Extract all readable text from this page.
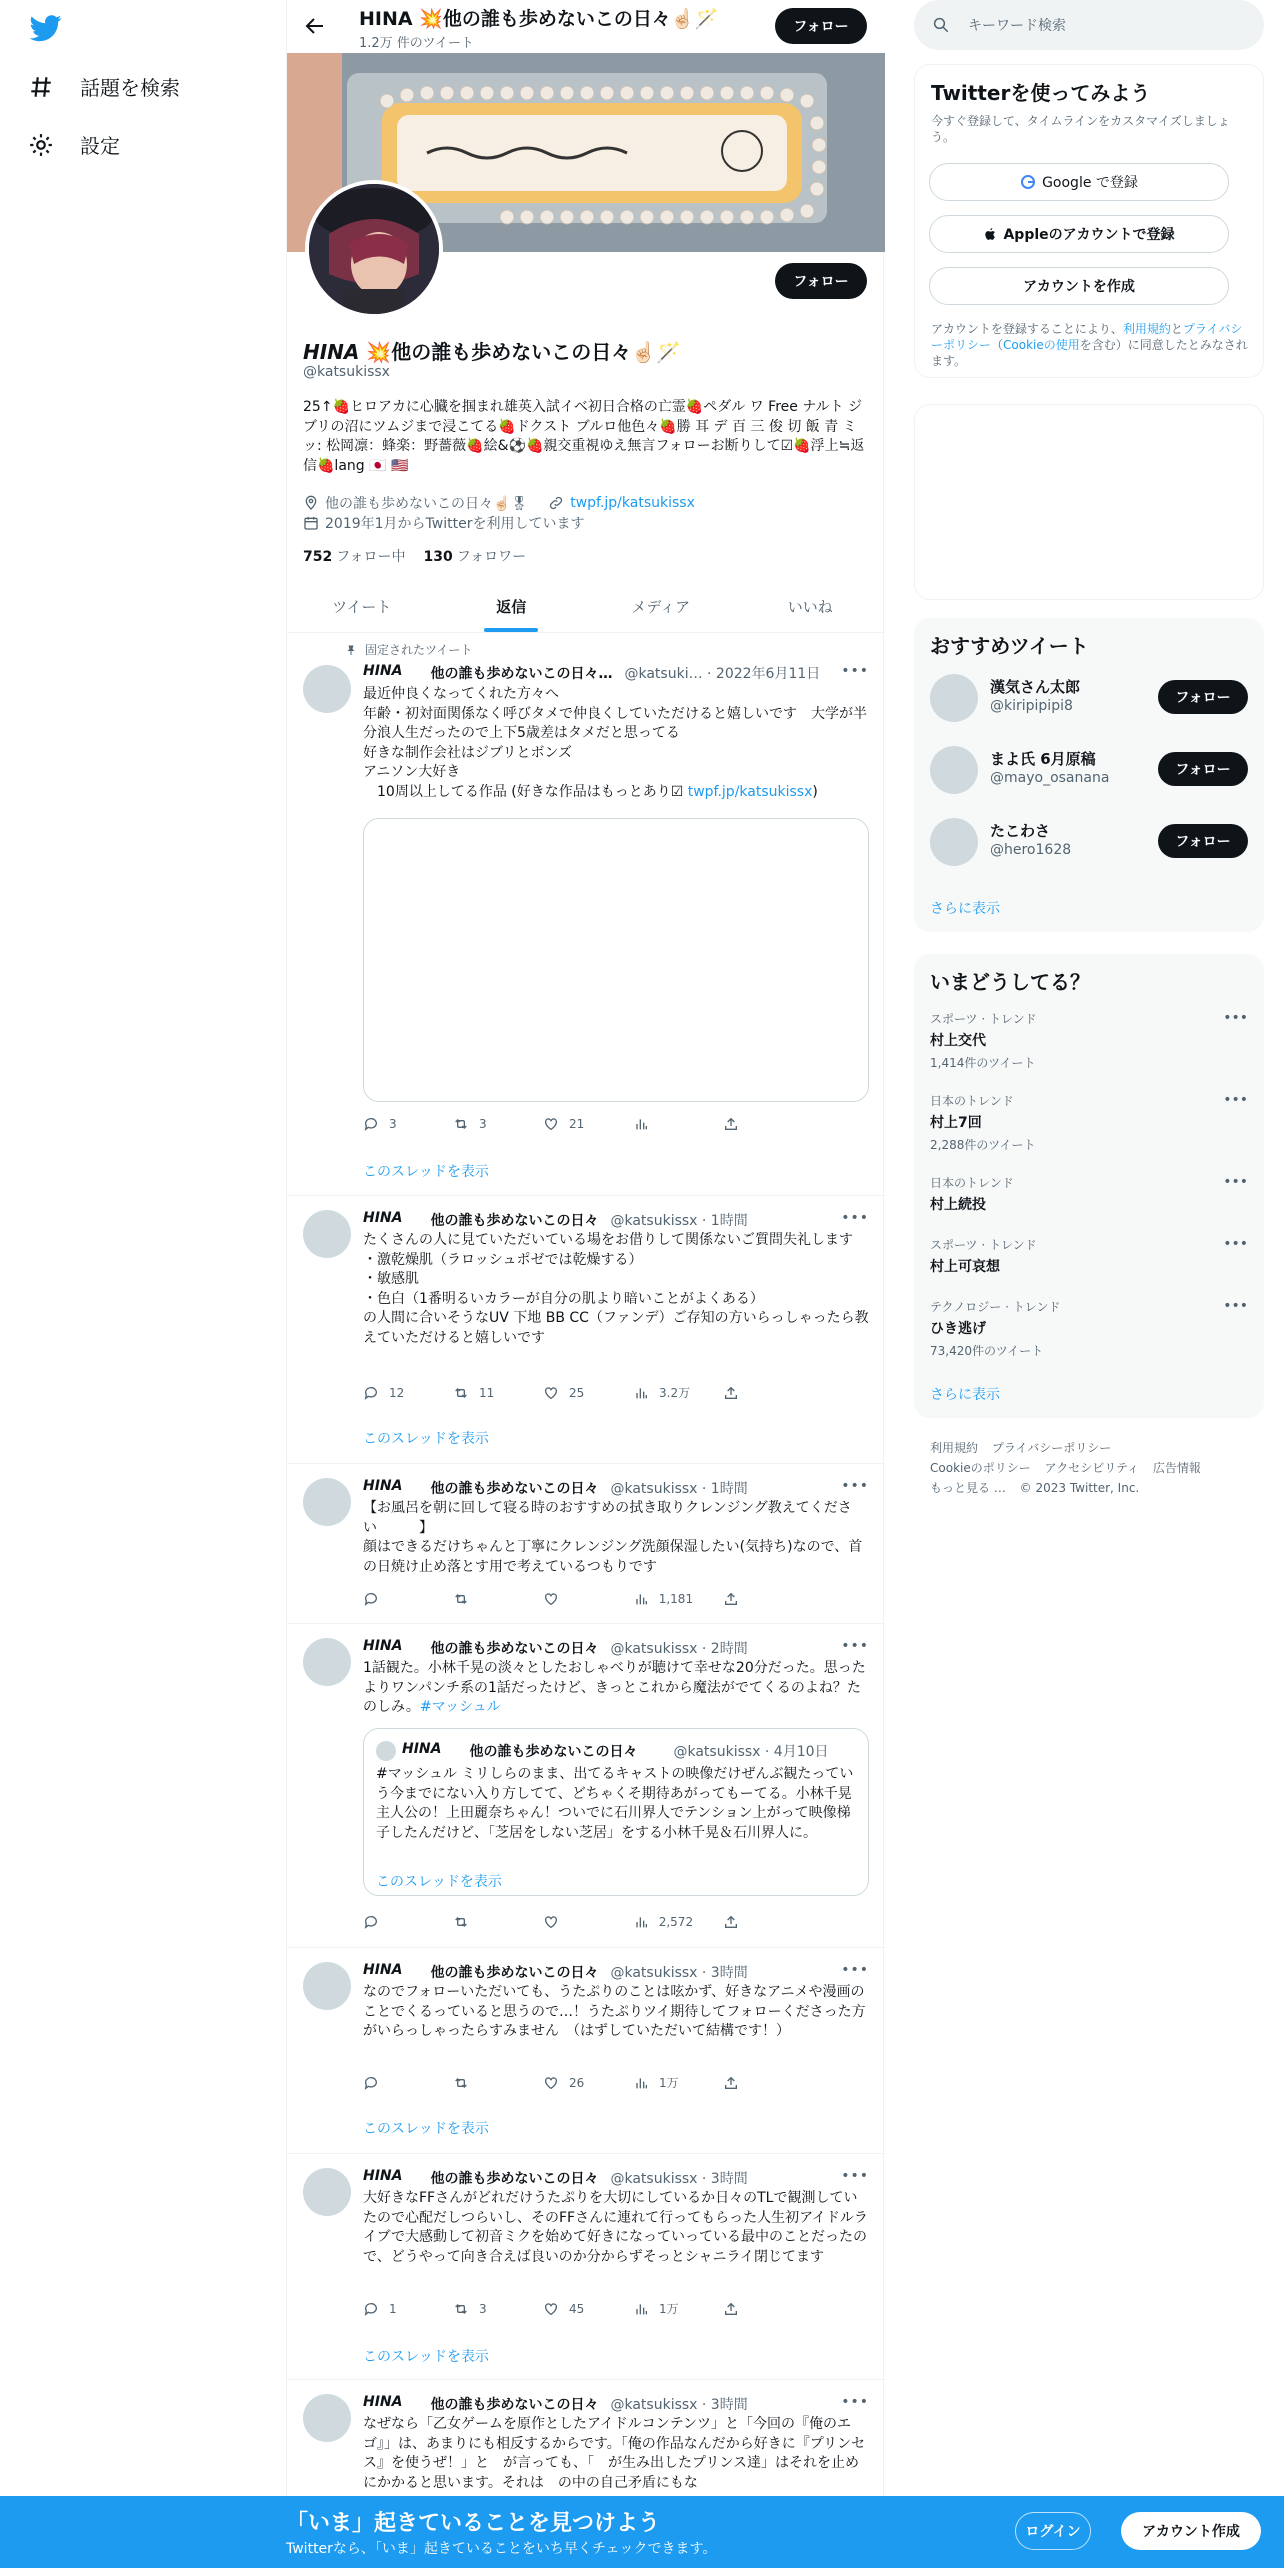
話題を検索
設定
HINA 💥他の誰も歩めないこの日々☝🏻🪄
1.2万 件のツイート
フォロー
フォロー
HINA 💥他の誰も歩めないこの日々☝🏻🪄
@katsukissx
25↑🍓ヒロアカに心臓を掴まれ雄英入試イベ初日合格の亡霊🍓ペダル ワ Free ナルト ジブリの沼にツムジまで浸こてる🍓ドクスト ブルロ他色々🍓勝 耳 デ 百 三 俊 切 飯 青 ミッ: 松岡凛：蜂楽：野薔薇🍓絵&⚽🍓親交重視ゆえ無言フォローお断りして☑🍓浮上≒返信🍓lang 🇯🇵 🇺🇸
他の誰も歩めないこの日々☝🏻🎖	twpf.jp/katsukissx
2019年1月からTwitterを利用しています
752 フォロー中 130 フォロワー
ツイート	返信	メディア	いいね
固定されたツイート
HINA 他の誰も歩めないこの日々… @katsuki… · 2022年6月11日 •••
最近仲良くなってくれた方々へ
年齢・初対面関係なく呼びタメで仲良くしていただけると嬉しいです　大学が半分浪人生だったので上下5歳差はタメだと思ってる
好きな制作会社はジブリとボンズ
アニソン大好き
　10周以上してる作品 (好きな作品はもっとあり☑ twpf.jp/katsukissx)
3	3	21
このスレッドを表示
HINA 他の誰も歩めないこの日々 @katsukissx · 1時間	•••
たくさんの人に見ていただいている場をお借りして関係ないご質問失礼します
・激乾燥肌（ラロッシュポゼでは乾燥する）
・敏感肌
・色白（1番明るいカラーが自分の肌より暗いことがよくある）
の人間に合いそうなUV 下地 BB CC（ファンデ）ご存知の方いらっしゃったら教えていただけると嬉しいです
12	11	25	3.2万
このスレッドを表示
HINA 他の誰も歩めないこの日々 @katsukissx · 1時間	•••
【お風呂を朝に回して寝る時のおすすめの拭き取りクレンジング教えてください　　　】
顔はできるだけちゃんと丁寧にクレンジング洗顔保湿したい(気持ち)なので、首の日焼け止め落とす用で考えているつもりです
1,181
HINA 他の誰も歩めないこの日々 @katsukissx · 2時間	•••
1話観た。小林千晃の淡々としたおしゃべりが聴けて幸せな20分だった。思ったよりワンパンチ系の1話だったけど、きっとこれから魔法がでてくるのよね？たのしみ。#マッシュル
HINA 他の誰も歩めないこの日々	@katsukissx · 4月10日
#マッシュル ミリしらのまま、出てるキャストの映像だけぜんぶ観たっていう今までにない入り方してて、どちゃくそ期待あがってもーてる。小林千晃主人公の！上田麗奈ちゃん！ついでに石川界人でテンション上がって映像梯子したんだけど、「芝居をしない芝居」をする小林千晃＆石川界人に。
このスレッドを表示
2,572
HINA 他の誰も歩めないこの日々 @katsukissx · 3時間	•••
なのでフォローいただいても、うたぷりのことは呟かず、好きなアニメや漫画のことでくるっていると思うので…！うたぷりツイ期待してフォローくださった方がいらっしゃったらすみません　（はずしていただいて結構です！）
26	1万
このスレッドを表示
HINA 他の誰も歩めないこの日々 @katsukissx · 3時間	•••
大好きなFFさんがどれだけうたぷりを大切にしているか日々のTLで観測していたので心配だしつらいし、そのFFさんに連れて行ってもらった人生初アイドルライブで大感動して初音ミクを始めて好きになっていっている最中のことだったので、どうやって向き合えば良いのか分からずそっとシャニライ閉じてます
1	3	45	1万
このスレッドを表示
HINA 他の誰も歩めないこの日々 @katsukissx · 3時間	•••
なぜなら「乙女ゲームを原作としたアイドルコンテンツ」と「今回の『俺のエゴ』」は、あまりにも相反するからです。「俺の作品なんだから好きに『プリンセス』を使うぜ！」と　が言っても、「　が生み出したプリンス達」はそれを止めにかかると思います。それは　の中の自己矛盾にもな
キーワード検索
Twitterを使ってみよう
今すぐ登録して、タイムラインをカスタマイズしましょう。
Google で登録
Appleのアカウントで登録
アカウントを作成
アカウントを登録することにより、利用規約とプライバシーポリシー（Cookieの使用を含む）に同意したとみなされます。
おすすめツイート
漢気さん太郎
@kiripipipi8	フォロー
まよ氏 6月原稿
@mayo_osanana	フォロー
たこわさ
@hero1628	フォロー
さらに表示
いまどうしてる？
スポーツ · トレンド
村上交代
1,414件のツイート
•••
日本のトレンド
村上7回
2,288件のツイート
•••
日本のトレンド
村上続投
•••
スポーツ · トレンド
村上可哀想
•••
テクノロジー · トレンド
ひき逃げ
73,420件のツイート
•••
さらに表示
利用規約 プライバシーポリシー
Cookieのポリシー アクセシビリティ 広告情報
もっと見る … © 2023 Twitter, Inc.
「いま」起きていることを見つけよう
Twitterなら、「いま」起きていることをいち早くチェックできます。
ログイン	アカウント作成
